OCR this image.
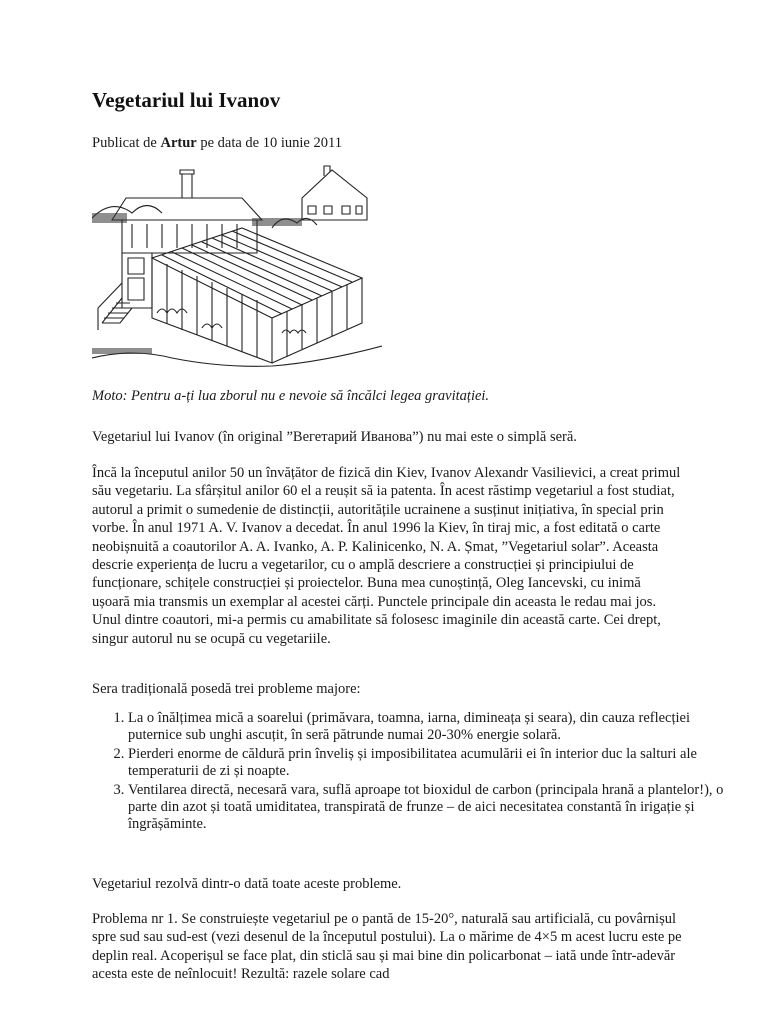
Vegetariul lui Ivanov
Publicat de Artur pe data de 10 iunie 2011
Moto: Pentru a-ți lua zborul nu e nevoie să încălci legea gravitației.

Vegetariul lui Ivanov (în original ”Вегетарий Иванова”) nu mai este o simplă seră.

Încă la începutul anilor 50 un învățător de fizică din Kiev, Ivanov Alexandr Vasilievici, a creat primul său vegetariu. La sfârșitul anilor 60 el a reușit să ia patenta. În acest răstimp vegetariul a fost studiat, autorul a primit o sumedenie de distincții, autoritățile ucrainene a susținut inițiativa, în special prin vorbe. În anul 1971 A. V. Ivanov a decedat. În anul 1996 la Kiev, în tiraj mic, a fost editată o carte neobișnuită a coautorilor A. A. Ivanko, A. P. Kalinicenko, N. A. Șmat, ”Vegetariul solar”. Aceasta descrie experiența de lucru a vegetarilor, cu o amplă descriere a construcției și principiului de funcționare, schițele construcției și proiectelor. Buna mea cunoștință, Oleg Iancevski, cu inimă ușoară mia transmis un exemplar al acestei cărți. Punctele principale din aceasta le redau mai jos. Unul dintre coautori, mi-a permis cu amabilitate să folosesc imaginile din această carte. Cei drept, singur autorul nu se ocupă cu vegetariile.

Sera tradițională posedă trei probleme majore:

1. La o înălțimea mică a soarelui (primăvara, toamna, iarna, dimineața și seara), din cauza reflecției puternice sub unghi ascuțit, în seră pătrunde numai 20-30% energie solară.
2. Pierderi enorme de căldură prin înveliș și imposibilitatea acumulării ei în interior duc la salturi ale temperaturii de zi și noapte.
3. Ventilarea directă, necesară vara, suflă aproape tot bioxidul de carbon (principala hrană a plantelor!), o parte din azot și toată umiditatea, transpirată de frunze – de aici necesitatea constantă în irigație și îngrășăminte.

Vegetariul rezolvă dintr-o dată toate aceste probleme.

Problema nr 1. Se construiește vegetariul pe o pantă de 15-20°, naturală sau artificială, cu povârnișul spre sud sau sud-est (vezi desenul de la începutul postului). La o mărime de 4×5 m acest lucru este pe deplin real. Acoperișul se face plat, din sticlă sau și mai bine din policarbonat – iată unde într-adevăr acesta este de neînlocuit! Rezultă: razele solare cad
